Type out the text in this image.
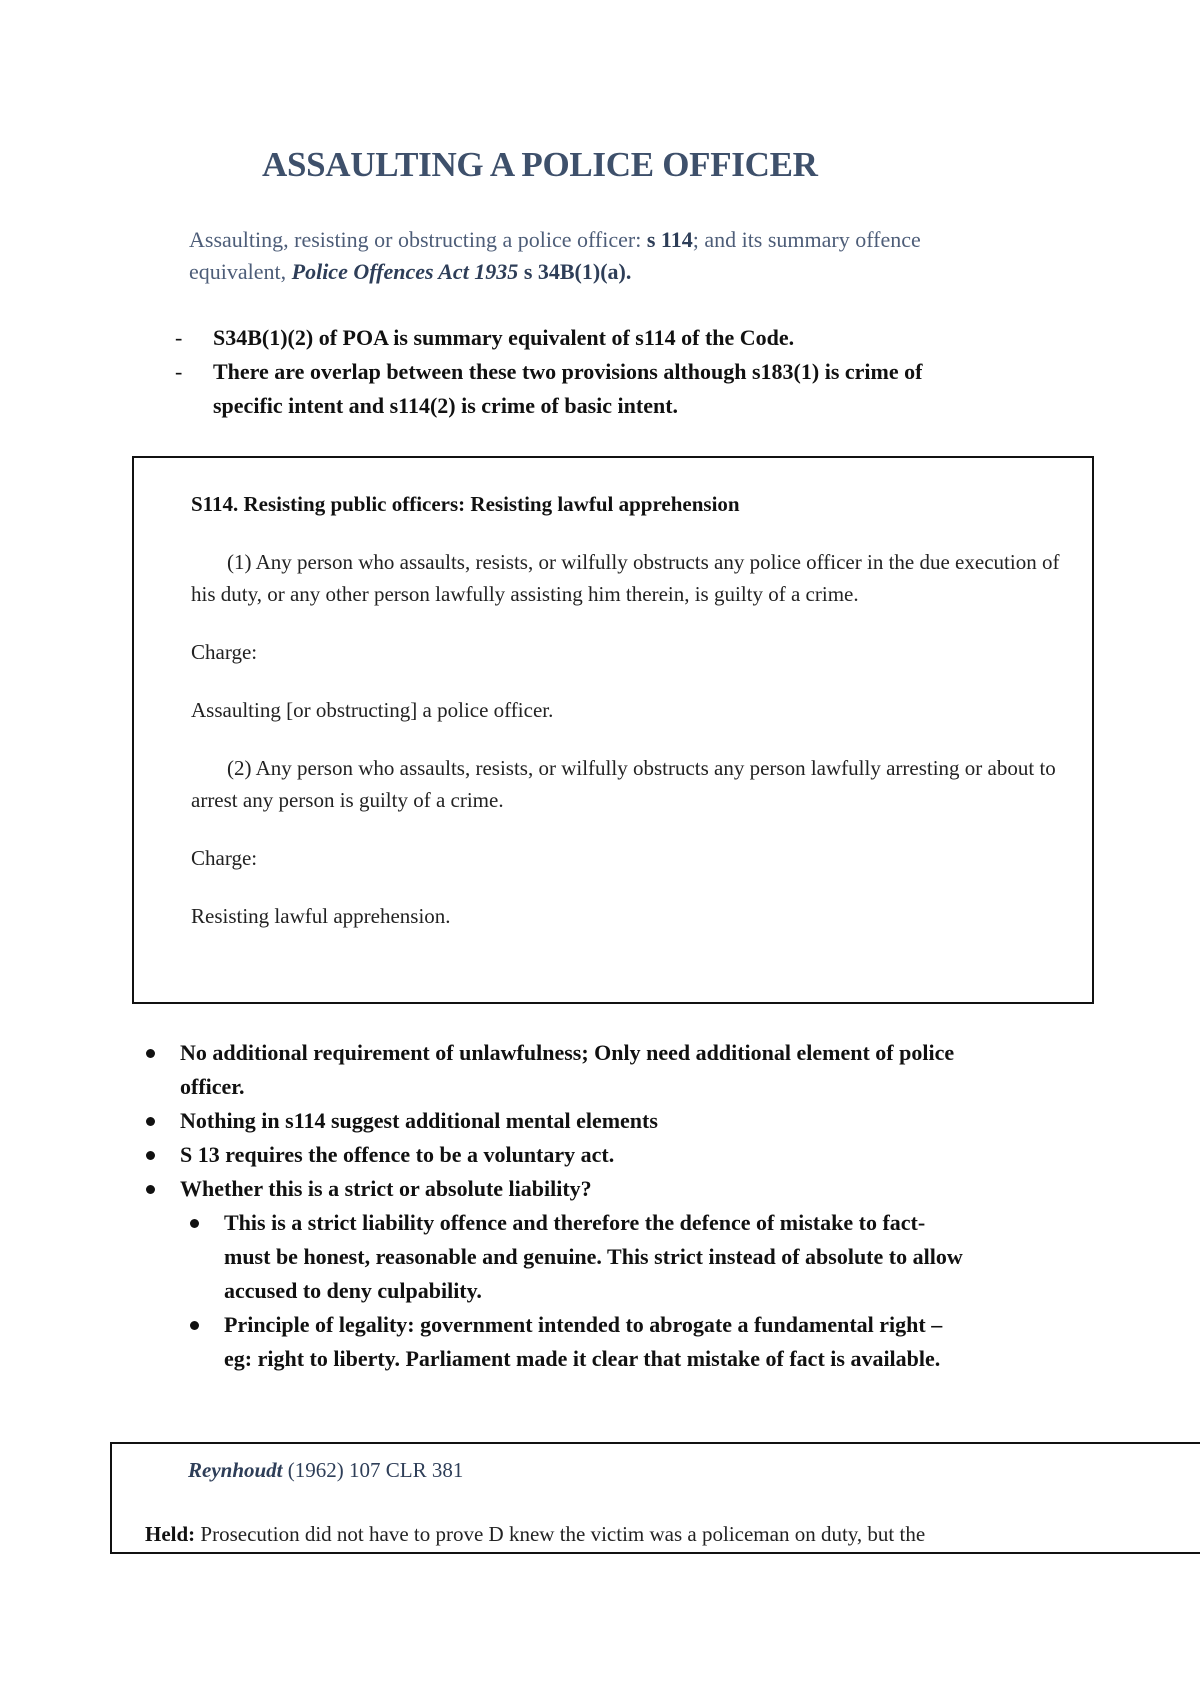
ASSAULTING A POLICE OFFICER
Assaulting, resisting or obstructing a police officer: s 114; and its summary offence equivalent, Police Offences Act 1935 s 34B(1)(a).
- S34B(1)(2) of POA is summary equivalent of s114 of the Code.
- There are overlap between these two provisions although s183(1) is crime of specific intent and s114(2) is crime of basic intent.
S114. Resisting public officers: Resisting lawful apprehension
(1) Any person who assaults, resists, or wilfully obstructs any police officer in the due execution of his duty, or any other person lawfully assisting him therein, is guilty of a crime.
Charge:
Assaulting [or obstructing] a police officer.
(2) Any person who assaults, resists, or wilfully obstructs any person lawfully arresting or about to arrest any person is guilty of a crime.
Charge:
Resisting lawful apprehension.
No additional requirement of unlawfulness; Only need additional element of police officer.
Nothing in s114 suggest additional mental elements
S 13 requires the offence to be a voluntary act.
Whether this is a strict or absolute liability?
This is a strict liability offence and therefore the defence of mistake to fact- must be honest, reasonable and genuine. This strict instead of absolute to allow accused to deny culpability.
Principle of legality: government intended to abrogate a fundamental right –eg: right to liberty. Parliament made it clear that mistake of fact is available.
Reynhoudt (1962) 107 CLR 381
Held: Prosecution did not have to prove D knew the victim was a policeman on duty, but the
